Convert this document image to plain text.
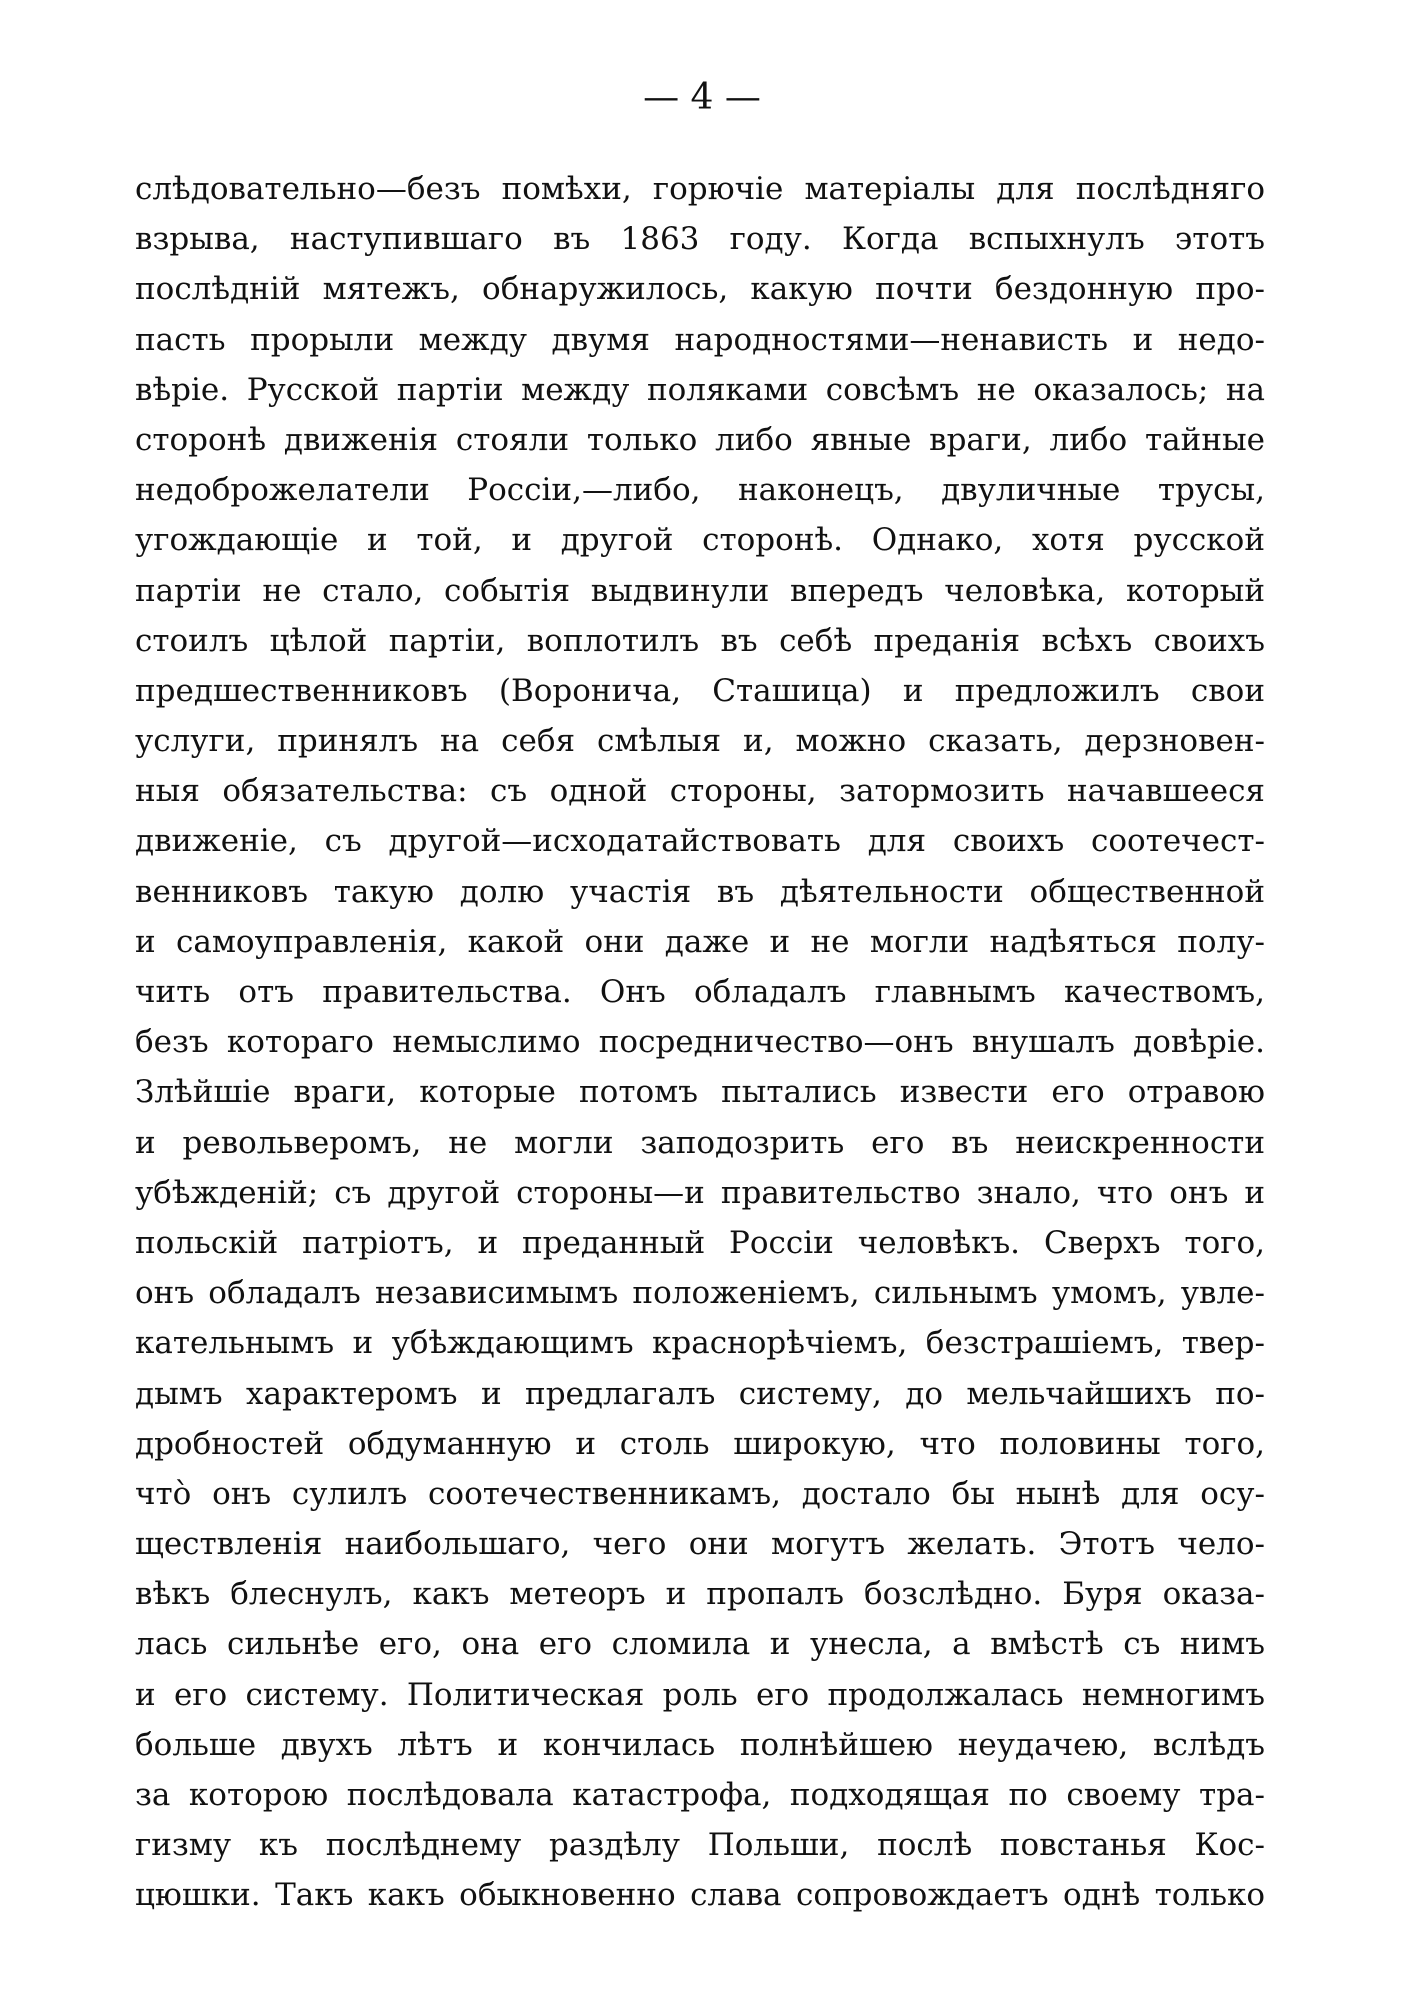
— 4 —
слѣдовательно—безъ помѣхи, горючіе матеріалы для послѣдняго
взрыва, наступившаго въ 1863 году. Когда вспыхнулъ этотъ
послѣдній мятежъ, обнаружилось, какую почти бездонную про-
пасть прорыли между двумя народностями—ненависть и недо-
вѣріе. Русской партіи между поляками совсѣмъ не оказалось; на
сторонѣ движенія стояли только либо явные враги, либо тайные
недоброжелатели Россіи,—либо, наконецъ, двуличные трусы,
угождающіе и той, и другой сторонѣ. Однако, хотя русской
партіи не стало, событія выдвинули впередъ человѣка, который
стоилъ цѣлой партіи, воплотилъ въ себѣ преданія всѣхъ своихъ
предшественниковъ (Воронича, Сташица) и предложилъ свои
услуги, принялъ на себя смѣлыя и, можно сказать, дерзновен-
ныя обязательства: съ одной стороны, затормозить начавшееся
движеніе, съ другой—исходатайствовать для своихъ соотечест-
венниковъ такую долю участія въ дѣятельности общественной
и самоуправленія, какой они даже и не могли надѣяться полу-
чить отъ правительства. Онъ обладалъ главнымъ качествомъ,
безъ котораго немыслимо посредничество—онъ внушалъ довѣріе.
Злѣйшіе враги, которые потомъ пытались извести его отравою
и револьверомъ, не могли заподозрить его въ неискренности
убѣжденій; съ другой стороны—и правительство знало, что онъ и
польскій патріотъ, и преданный Россіи человѣкъ. Сверхъ того,
онъ обладалъ независимымъ положеніемъ, сильнымъ умомъ, увле-
кательнымъ и убѣждающимъ краснорѣчіемъ, безстрашіемъ, твер-
дымъ характеромъ и предлагалъ систему, до мельчайшихъ по-
дробностей обдуманную и столь широкую, что половины того,
чтò онъ сулилъ соотечественникамъ, достало бы нынѣ для осу-
ществленія наибольшаго, чего они могутъ желать. Этотъ чело-
вѣкъ блеснулъ, какъ метеоръ и пропалъ бозслѣдно. Буря оказа-
лась сильнѣе его, она его сломила и унесла, а вмѣстѣ съ нимъ
и его систему. Политическая роль его продолжалась немногимъ
больше двухъ лѣтъ и кончилась полнѣйшею неудачею, вслѣдъ
за которою послѣдовала катастрофа, подходящая по своему тра-
гизму къ послѣднему раздѣлу Польши, послѣ повстанья Кос-
цюшки. Такъ какъ обыкновенно слава сопровождаетъ однѣ только
